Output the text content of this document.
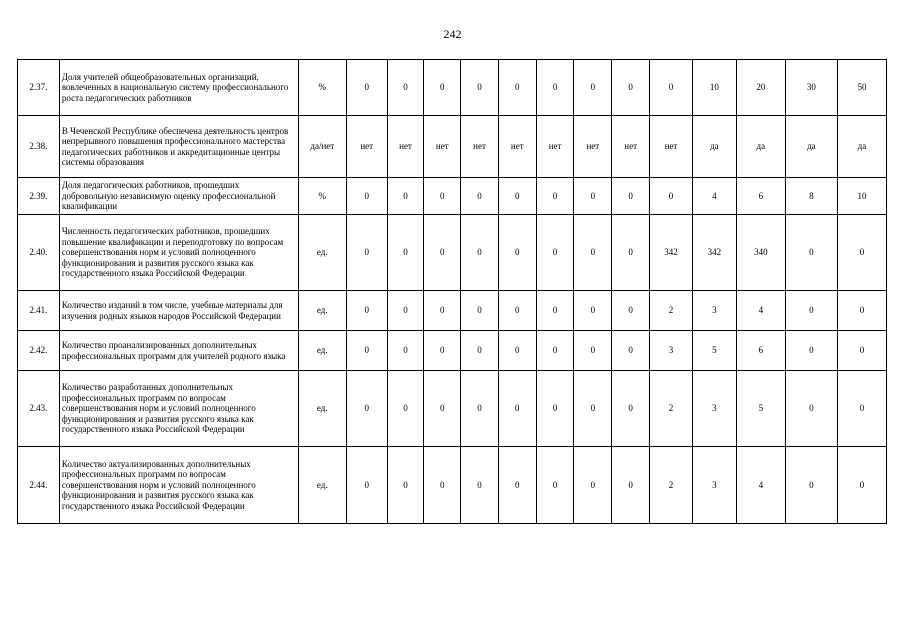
242
2.37.	Доля учителей общеобразовательных организаций, вовлеченных в национальную систему профессионального роста педагогических работников	%	0	0	0	0	0	0	0	0	0	10	20	30	50
2.38.	В Чеченской Республике обеспечена деятельность центров непрерывного повышения профессионального мастерства педагогических работников и аккредитационные центры системы образования	да/нет	нет	нет	нет	нет	нет	нет	нет	нет	нет	да	да	да	да
2.39.	Доля педагогических работников, прошедших добровольную независимую оценку профессиональной квалификации	%	0	0	0	0	0	0	0	0	0	4	6	8	10
2.40.	Численность педагогических работников, прошедших повышение квалификации и переподготовку по вопросам совершенствования норм и условий полноценного функционирования и развития русского языка как государственного языка Российской Федерации	ед.	0	0	0	0	0	0	0	0	342	342	340	0	0
2.41.	Количество изданий в том числе, учебные материалы для изучения родных языков народов Российской Федерации	ед.	0	0	0	0	0	0	0	0	2	3	4	0	0
2.42.	Количество проанализированных дополнительных профессиональных программ для учителей родного языка	ед.	0	0	0	0	0	0	0	0	3	5	6	0	0
2.43.	Количество разработанных дополнительных профессиональных программ по вопросам совершенствования норм и условий полноценного функционирования и развития русского языка как государственного языка Российской Федерации	ед.	0	0	0	0	0	0	0	0	2	3	5	0	0
2.44.	Количество актуализированных дополнительных профессиональных программ по вопросам совершенствования норм и условий полноценного функционирования и развития русского языка как государственного языка Российской Федерации	ед.	0	0	0	0	0	0	0	0	2	3	4	0	0
